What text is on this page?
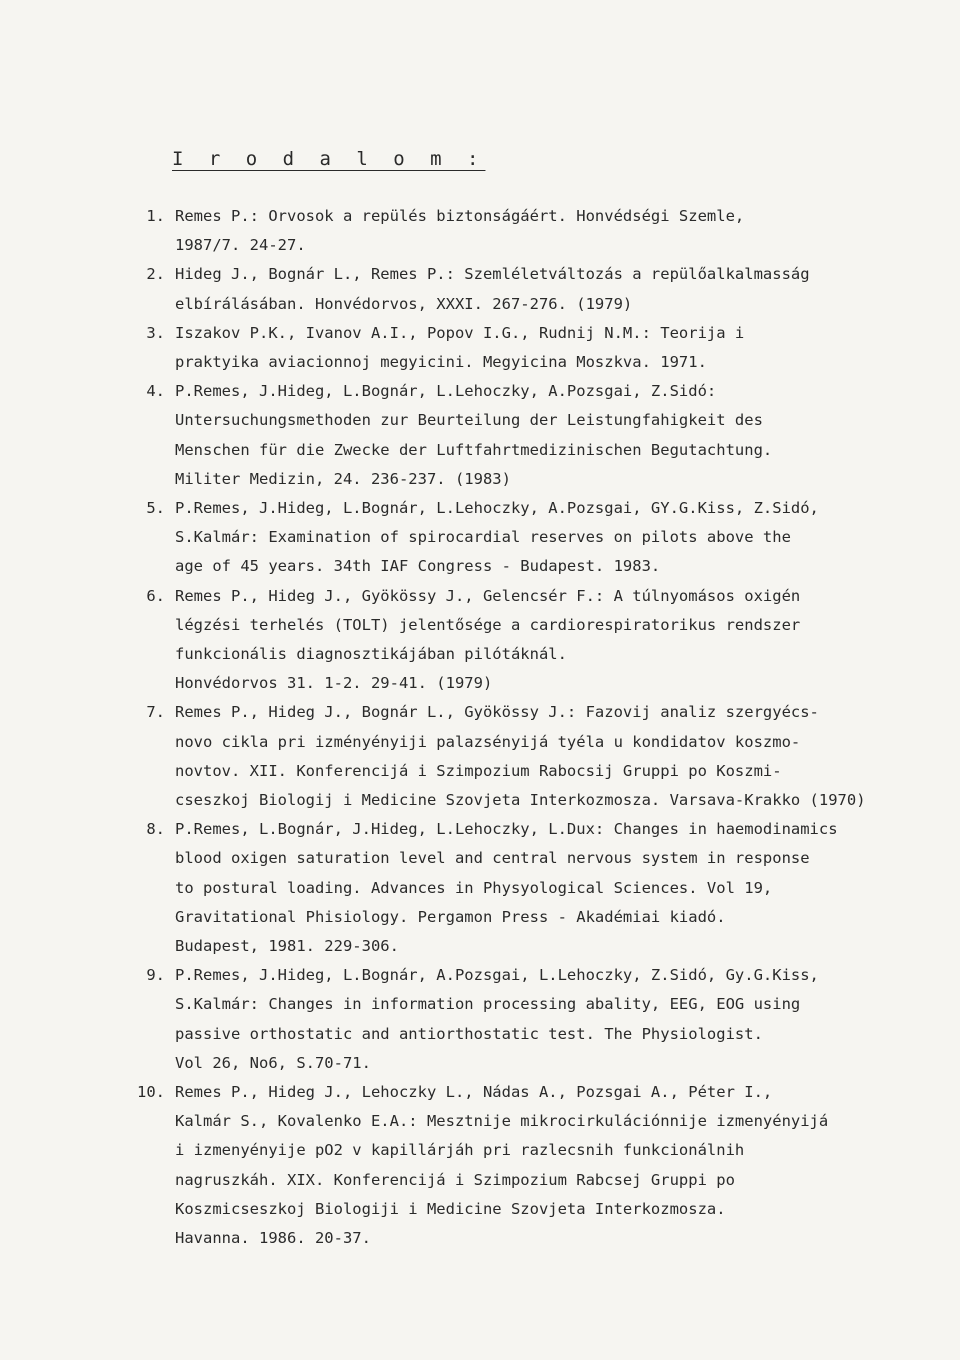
I r o d a l o m :
1. Remes P.: Orvosok a repülés biztonságáért. Honvédségi Szemle,
1987/7. 24-27.
2. Hideg J., Bognár L., Remes P.: Szemléletváltozás a repülőalkalmasság
elbírálásában. Honvédorvos, XXXI. 267-276. (1979)
3. Iszakov P.K., Ivanov A.I., Popov I.G., Rudnij N.M.: Teorija i
praktyika aviacionnoj megyicini. Megyicina Moszkva. 1971.
4. P.Remes, J.Hideg, L.Bognár, L.Lehoczky, A.Pozsgai, Z.Sidó:
Untersuchungsmethoden zur Beurteilung der Leistungfahigkeit des
Menschen für die Zwecke der Luftfahrtmedizinischen Begutachtung.
Militer Medizin, 24. 236-237. (1983)
5. P.Remes, J.Hideg, L.Bognár, L.Lehoczky, A.Pozsgai, GY.G.Kiss, Z.Sidó,
S.Kalmár: Examination of spirocardial reserves on pilots above the
age of 45 years. 34th IAF Congress - Budapest. 1983.
6. Remes P., Hideg J., Gyökössy J., Gelencsér F.: A túlnyomásos oxigén
légzési terhelés (TOLT) jelentősége a cardiorespiratorikus rendszer
funkcionális diagnosztikájában pilótáknál.
Honvédorvos 31. 1-2. 29-41. (1979)
7. Remes P., Hideg J., Bognár L., Gyökössy J.: Fazovij analiz szergyécs-
novo cikla pri izményényiji palazsényijá tyéla u kondidatov koszmo-
novtov. XII. Konferencijá i Szimpozium Rabocsij Gruppi po Koszmi-
cseszkoj Biologij i Medicine Szovjeta Interkozmosza. Varsava-Krakko (1970)
8. P.Remes, L.Bognár, J.Hideg, L.Lehoczky, L.Dux: Changes in haemodinamics
blood oxigen saturation level and central nervous system in response
to postural loading. Advances in Physyological Sciences. Vol 19,
Gravitational Phisiology. Pergamon Press - Akadémiai kiadó.
Budapest, 1981. 229-306.
9. P.Remes, J.Hideg, L.Bognár, A.Pozsgai, L.Lehoczky, Z.Sidó, Gy.G.Kiss,
S.Kalmár: Changes in information processing abality, EEG, EOG using
passive orthostatic and antiorthostatic test. The Physiologist.
Vol 26, No6, S.70-71.
10. Remes P., Hideg J., Lehoczky L., Nádas A., Pozsgai A., Péter I.,
Kalmár S., Kovalenko E.A.: Mesztnije mikrocirkulációnnije izmenyényijá
i izmenyényije pO2 v kapillárjáh pri razlecsnih funkcionálnih
nagruszkáh. XIX. Konferencijá i Szimpozium Rabcsej Gruppi po
Koszmicseszkoj Biologiji i Medicine Szovjeta Interkozmosza.
Havanna. 1986. 20-37.
